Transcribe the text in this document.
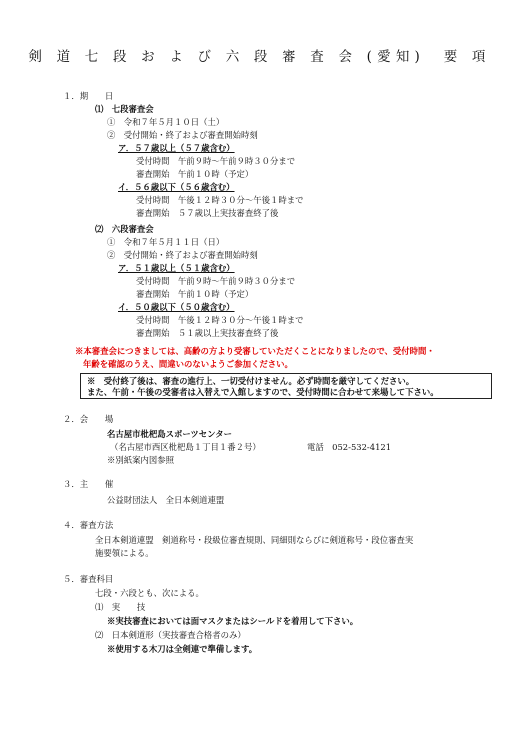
剣 道 七 段 お よ び 六 段 審 査 会 (愛知)　要 項
１．期　　日
⑴　七段審査会
①　令和７年５月１０日（土）
②　受付開始・終了および審査開始時刻
ア．５７歳以上（５７歳含む）
受付時間　午前９時〜午前９時３０分まで
審査開始　午前１０時（予定）
イ．５６歳以下（５６歳含む）
受付時間　午後１２時３０分〜午後１時まで
審査開始　５７歳以上実技審査終了後
⑵　六段審査会
①　令和７年５月１１日（日）
②　受付開始・終了および審査開始時刻
ア．５１歳以上（５１歳含む）
受付時間　午前９時〜午前９時３０分まで
審査開始　午前１０時（予定）
イ．５０歳以下（５０歳含む）
受付時間　午後１２時３０分〜午後１時まで
審査開始　５１歳以上実技審査終了後
※本審査会につきましては、高齢の方より受審していただくことになりましたので、受付時間・
年齢を確認のうえ、間違いのないようご参加ください。
※　受付終了後は、審査の進行上、一切受付けません。必ず時間を厳守してください。
また、午前・午後の受審者は入替えで入館しますので、受付時間に合わせて来場して下さい。
２．会　　場
名古屋市枇杷島スポーツセンター
（名古屋市西区枇杷島１丁目１番２号）	電話　052-532-4121
※別紙案内図参照
３．主　　催
公益財団法人　全日本剣道連盟
４．審査方法
全日本剣道連盟　剣道称号・段級位審査規則、同細則ならびに剣道称号・段位審査実
施要領による。
５．審査科目
七段・六段とも、次による。
⑴　実　　技
※実技審査においては面マスクまたはシールドを着用して下さい。
⑵　日本剣道形（実技審査合格者のみ）
※使用する木刀は全剣連で準備します。
